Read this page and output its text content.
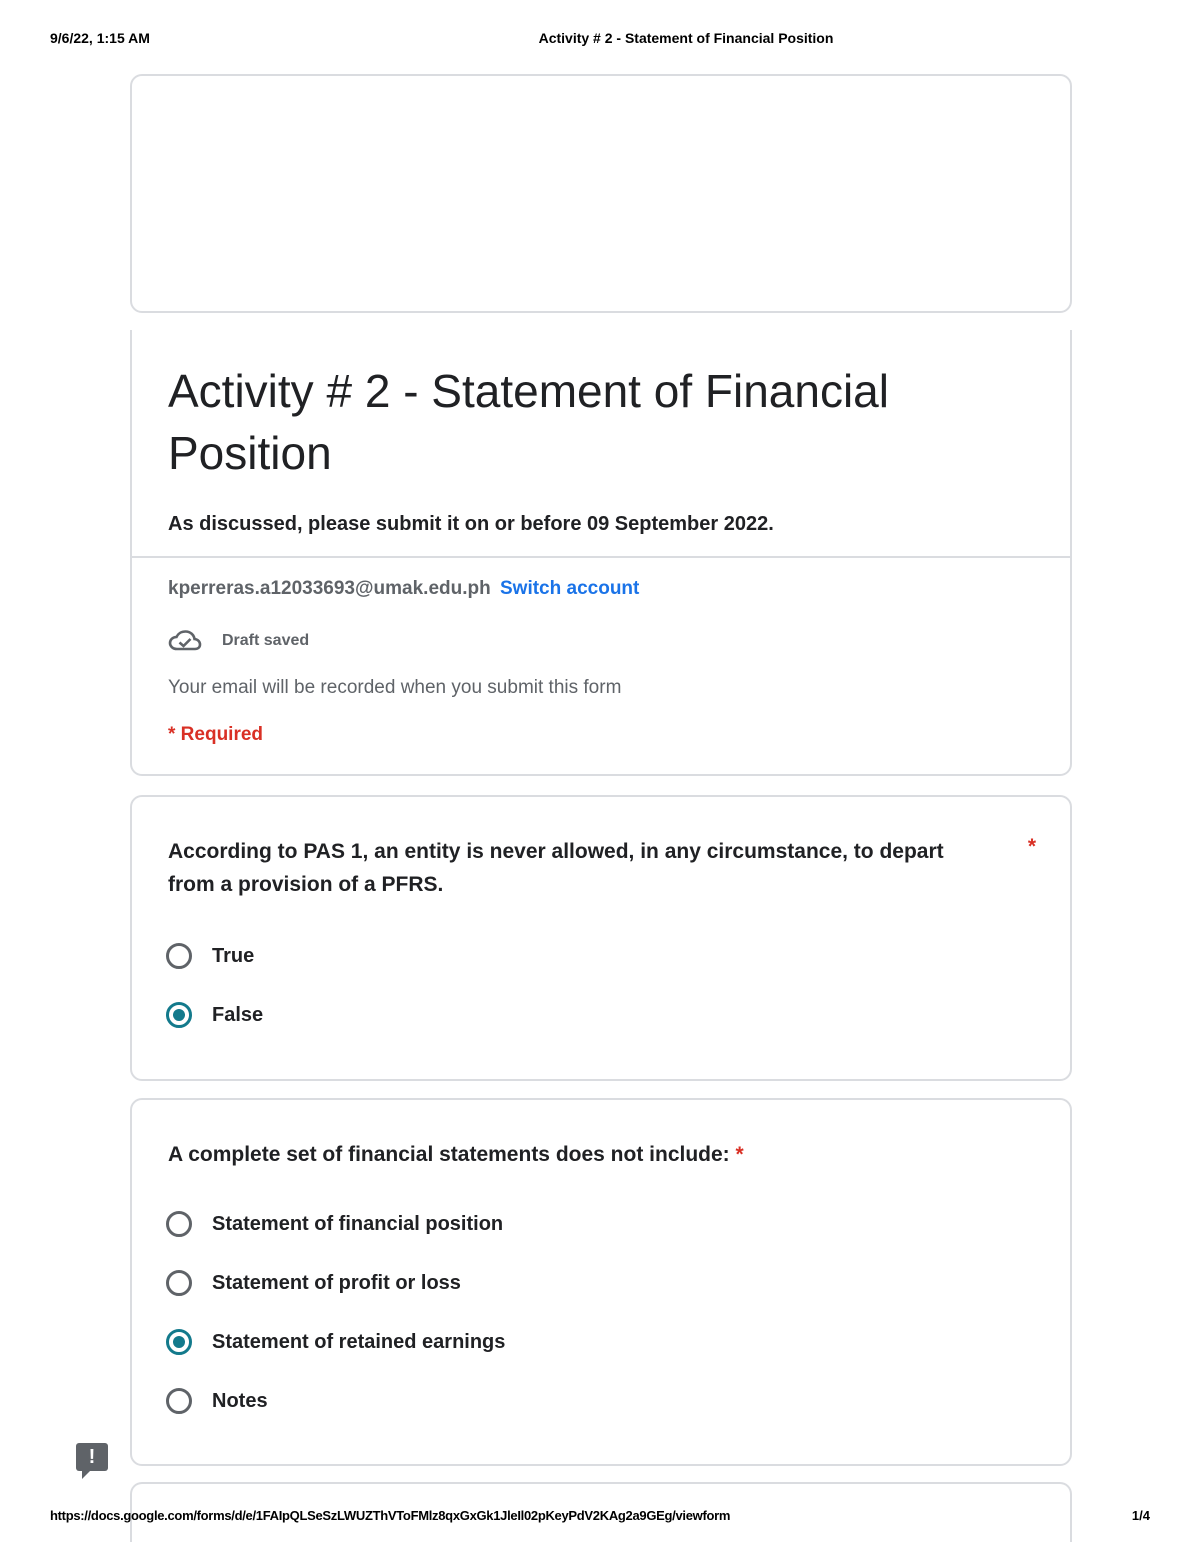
9/6/22, 1:15 AM	Activity # 2 - Statement of Financial Position
Activity # 2 - Statement of Financial Position
As discussed, please submit it on or before 09 September 2022.
kperreras.a12033693@umak.edu.ph Switch account
Draft saved
Your email will be recorded when you submit this form
* Required
According to PAS 1, an entity is never allowed, in any circumstance, to depart from a provision of a PFRS.
*
True
False
A complete set of financial statements does not include: *
Statement of financial position
Statement of profit or loss
Statement of retained earnings
Notes
!
https://docs.google.com/forms/d/e/1FAIpQLSeSzLWUZThVToFMlz8qxGxGk1JleIl02pKeyPdV2KAg2a9GEg/viewform	1/4
